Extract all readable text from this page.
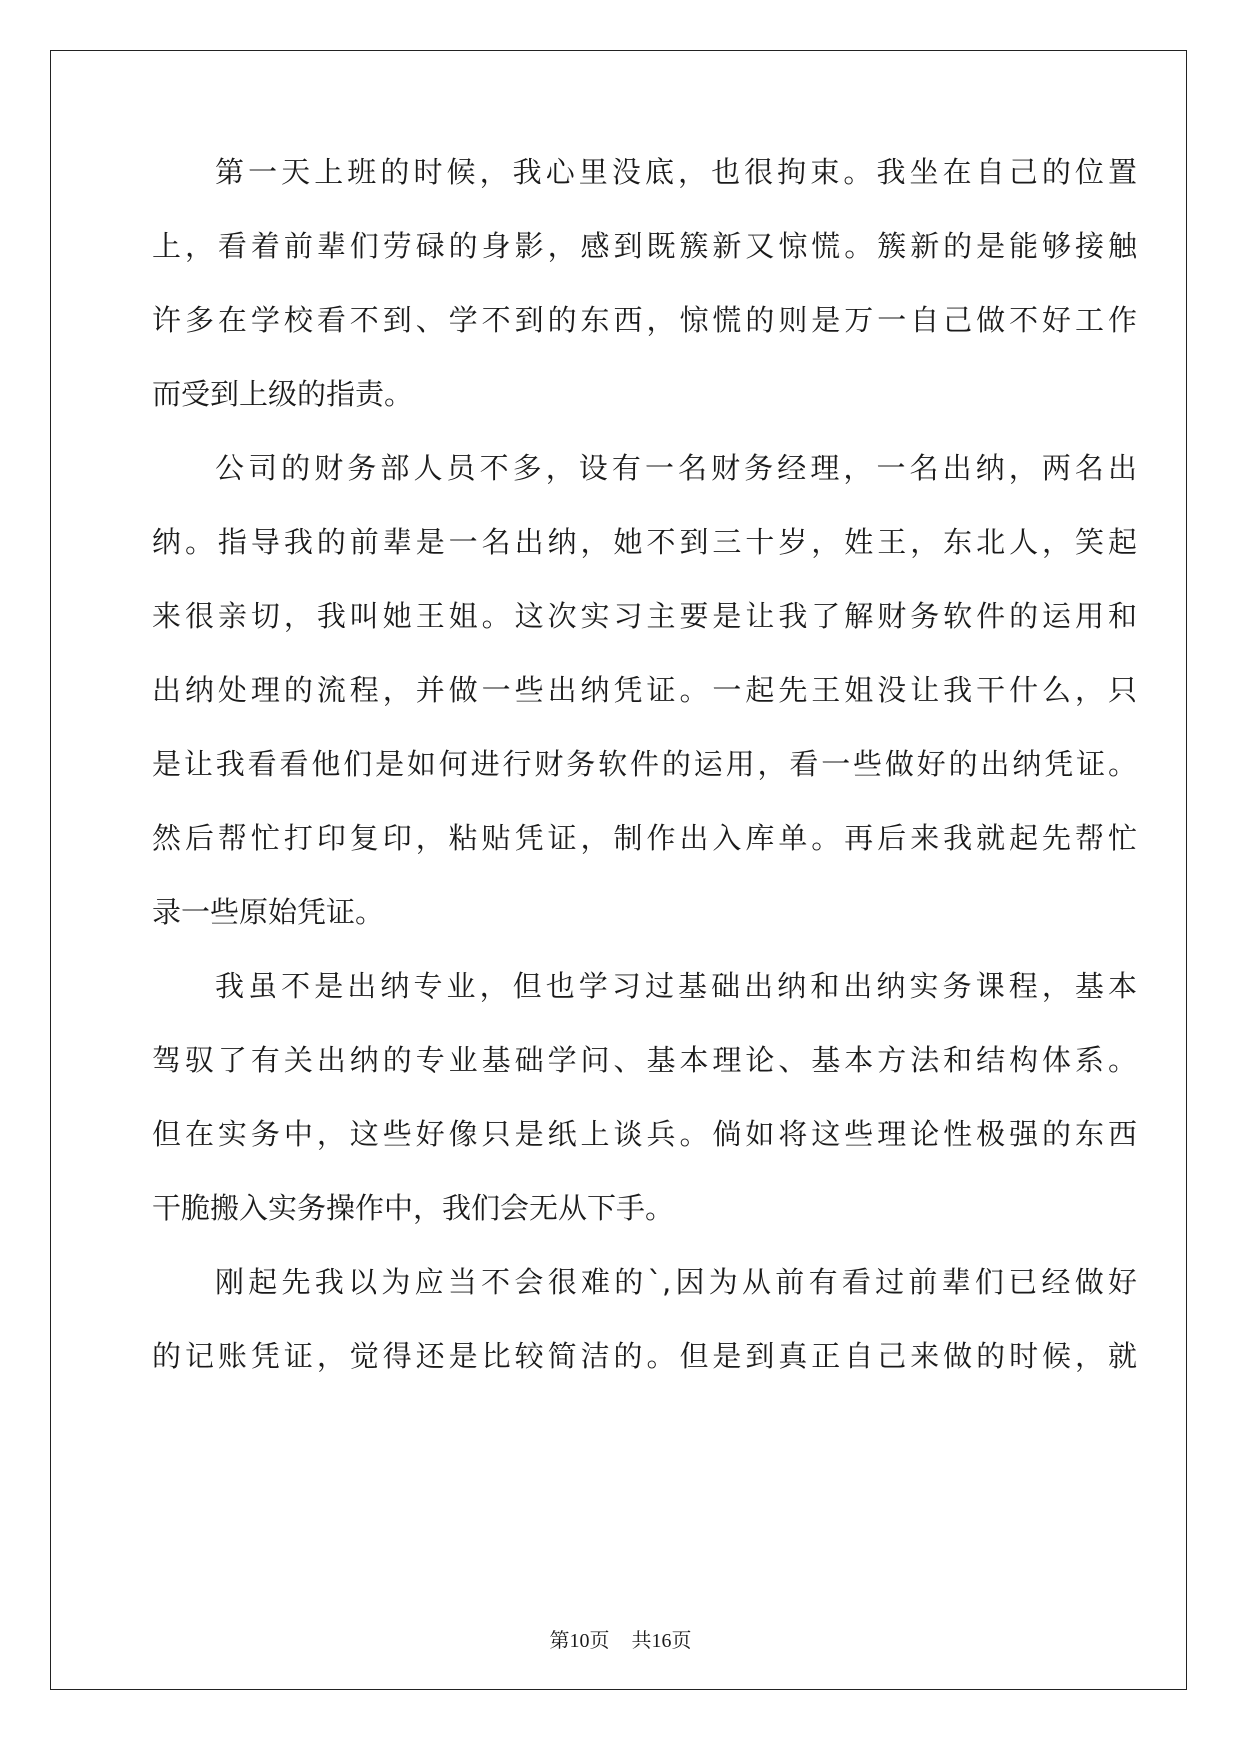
第一天上班的时候，我心里没底，也很拘束。我坐在自己的位置
上，看着前辈们劳碌的身影，感到既簇新又惊慌。簇新的是能够接触
许多在学校看不到、学不到的东西，惊慌的则是万一自己做不好工作
而受到上级的指责。
公司的财务部人员不多，设有一名财务经理，一名出纳，两名出
纳。指导我的前辈是一名出纳，她不到三十岁，姓王，东北人，笑起
来很亲切，我叫她王姐。这次实习主要是让我了解财务软件的运用和
出纳处理的流程，并做一些出纳凭证。一起先王姐没让我干什么，只
是让我看看他们是如何进行财务软件的运用，看一些做好的出纳凭证。
然后帮忙打印复印，粘贴凭证，制作出入库单。再后来我就起先帮忙
录一些原始凭证。
我虽不是出纳专业，但也学习过基础出纳和出纳实务课程，基本
驾驭了有关出纳的专业基础学问、基本理论、基本方法和结构体系。
但在实务中，这些好像只是纸上谈兵。倘如将这些理论性极强的东西
干脆搬入实务操作中，我们会无从下手。
刚起先我以为应当不会很难的`,因为从前有看过前辈们已经做好
的记账凭证，觉得还是比较简洁的。但是到真正自己来做的时候，就
第10页 共16页
